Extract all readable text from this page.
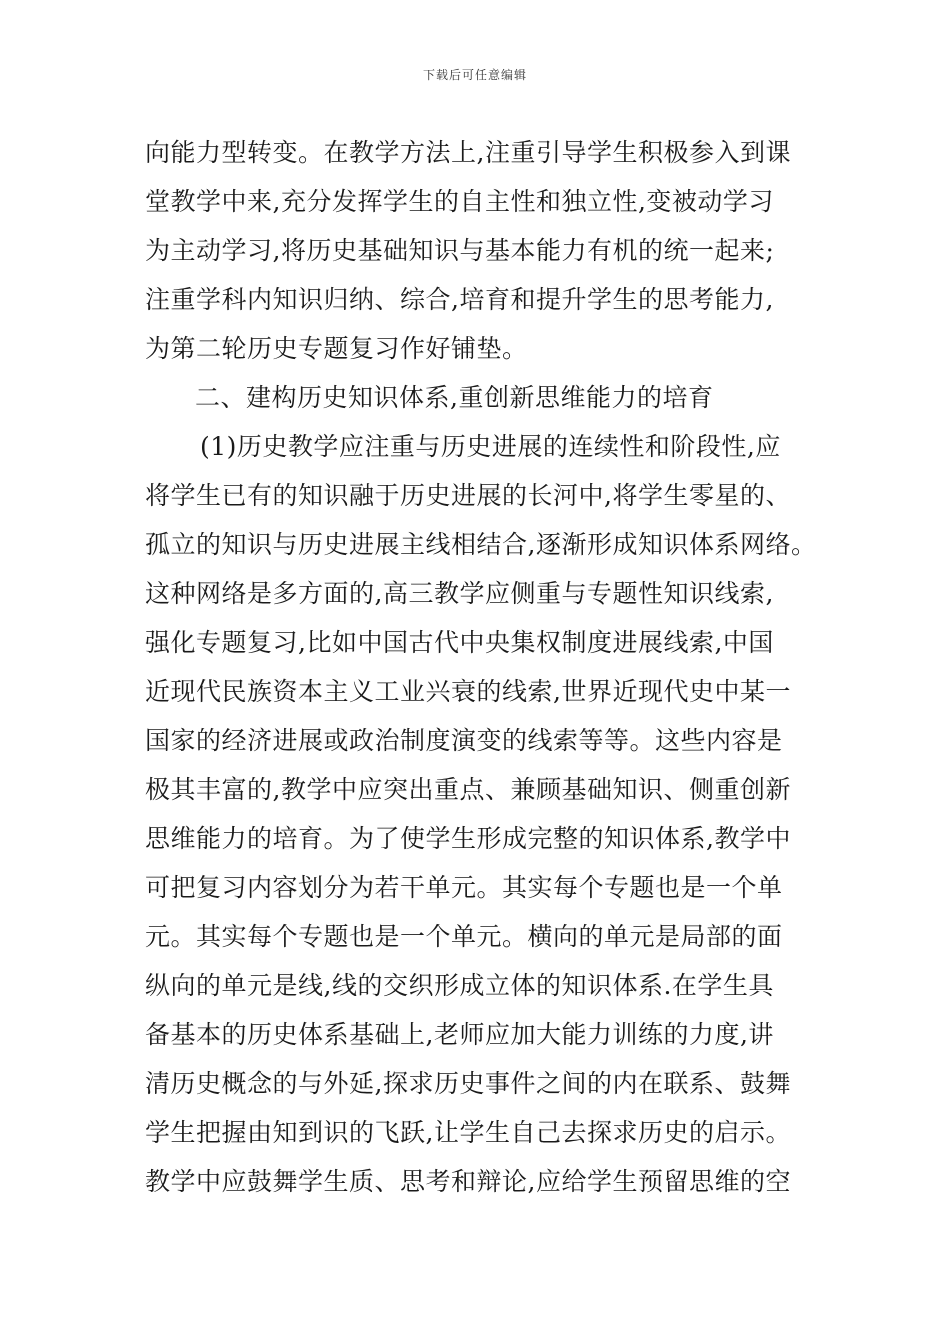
下载后可任意编辑
向能力型转变。在教学方法上,注重引导学生积极参入到课
堂教学中来,充分发挥学生的自主性和独立性,变被动学习
为主动学习,将历史基础知识与基本能力有机的统一起来;
注重学科内知识归纳、综合,培育和提升学生的思考能力,
为第二轮历史专题复习作好铺垫。
二、建构历史知识体系,重创新思维能力的培育
(1)历史教学应注重与历史进展的连续性和阶段性,应
将学生已有的知识融于历史进展的长河中,将学生零星的、
孤立的知识与历史进展主线相结合,逐渐形成知识体系网络。
这种网络是多方面的,高三教学应侧重与专题性知识线索,
强化专题复习,比如中国古代中央集权制度进展线索,中国
近现代民族资本主义工业兴衰的线索,世界近现代史中某一
国家的经济进展或政治制度演变的线索等等。这些内容是
极其丰富的,教学中应突出重点、兼顾基础知识、侧重创新
思维能力的培育。为了使学生形成完整的知识体系,教学中
可把复习内容划分为若干单元。其实每个专题也是一个单
元。其实每个专题也是一个单元。横向的单元是局部的面
纵向的单元是线,线的交织形成立体的知识体系.在学生具
备基本的历史体系基础上,老师应加大能力训练的力度,讲
清历史概念的与外延,探求历史事件之间的内在联系、鼓舞
学生把握由知到识的飞跃,让学生自己去探求历史的启示。
教学中应鼓舞学生质、思考和辩论,应给学生预留思维的空
